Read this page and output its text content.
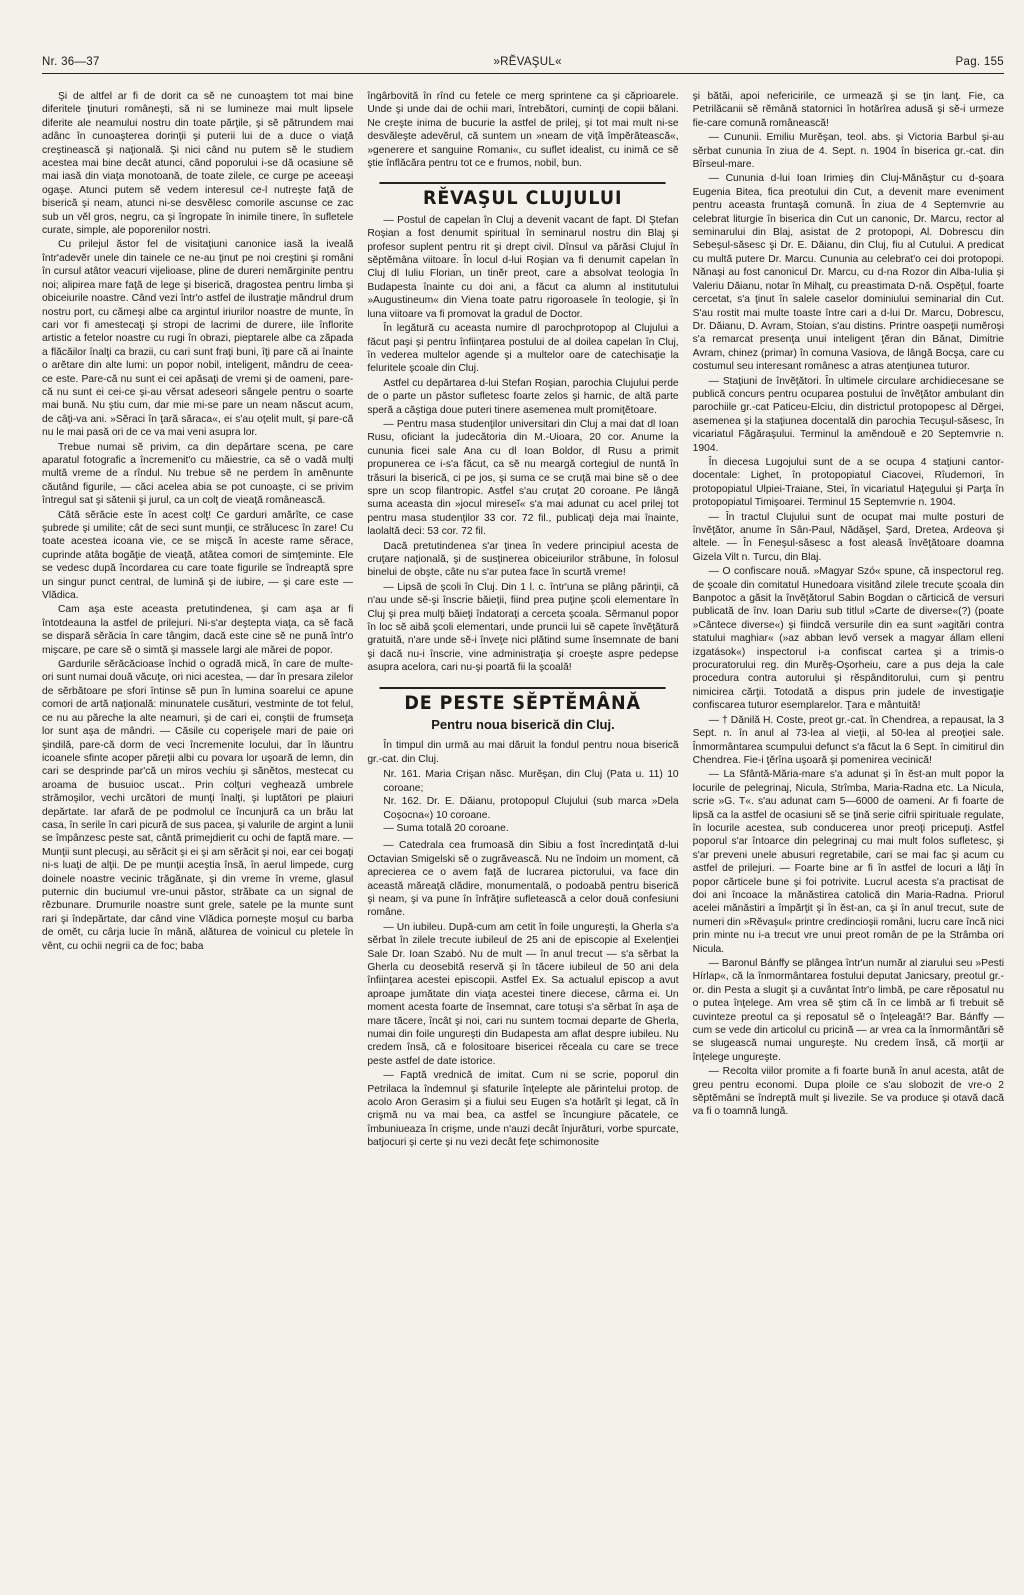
Nr. 36—37	»RĔVAŞUL«	Pag. 155

Şi de altfel ar fi de dorit ca sĕ ne cunoaştem tot mai bine diferitele ţinuturi româneşti, să ni se lumineze mai mult lipsele diferite ale neamului nostru din toate părţile, şi sĕ pătrundem mai adânc în cunoaşterea dorinţii şi puterii lui de a duce o viaţă creştinească şi naţională. Şi nici când nu putem sĕ le studiem acestea mai bine decât atunci, când poporului i-se dă ocasiune sĕ mai iasă din viaţa monotoană, de toate zilele, ce curge pe aceeaşi ogaşe. Atunci putem sĕ vedem interesul ce-l nutreşte faţă de biserică şi neam, atunci ni-se desvĕlesc comorile ascunse ce zac sub un vĕl gros, negru, ca şi îngropate în inimile tinere, în sufletele curate, simple, ale poporenilor nostri.

Cu prilejul ăstor fel de visitaţiuni canonice iasă la iveală într'adevĕr unele din tainele ce ne-au ţinut pe noi creştini şi români în cursul atâtor veacuri vijelioase, pline de dureri nemărginite pentru noi; alipirea mare faţă de lege şi biserică, dragostea pentru limba şi obiceiurile noastre. Când vezi într'o astfel de ilustraţie mândrul drum nostru port, cu cămeşi albe ca argintul iriurilor noastre de munte, în cari vor fi amestecaţi şi stropi de lacrimi de durere, iile înflorite artistic a fetelor noastre cu rugi în obrazi, pieptarele albe ca zăpada a flăcăilor înalţi ca brazii, cu cari sunt fraţi buni, îţi pare că ai înainte o arĕtare din alte lumi: un popor nobil, inteligent, mândru de ceea-ce este. Pare-că nu sunt ei cei apăsaţi de vremi şi de oameni, pare-că nu sunt ei cei-ce şi-au vĕrsat adeseori sângele pentru o soarte mai bună. Nu ştiu cum, dar mie mi-se pare un neam născut acum, de câţi-va ani. »Sĕraci în ţară săraca«, ei s'au oţelit mult, şi pare-că nu le mai pasă ori de ce va mai veni asupra lor.

Trebue numai sĕ privim, ca din depărtare scena, pe care aparatul fotografic a încremenit'o cu măiestrie, ca sĕ o vadă mulţi multă vreme de a rîndul. Nu trebue sĕ ne perdem în amĕnunte căutând figurile, — căci acelea abia se pot cunoaşte, ci se privim întregul sat şi sătenii şi jurul, ca un colţ de vieaţă românească.

Câtă sĕrăcie este în acest colţ! Ce garduri amărîte, ce case şubrede şi umilite; cât de seci sunt munţii, ce strălucesc în zare! Cu toate acestea icoana vie, ce se mişcă în aceste rame sĕrace, cuprinde atâta bogăţie de vieaţă, atâtea comori de simţeminte. Ele se vedesc după încordarea cu care toate figurile se îndreaptă spre un singur punct central, de lumină şi de iubire, — şi care este — Vlădica.

Cam aşa este aceasta pretutindenea, şi cam aşa ar fi întotdeauna la astfel de prilejuri. Ni-s'ar deştepta viaţa, ca sĕ facă se dispară sĕrăcia în care tângim, dacă este cine sĕ ne pună într'o mişcare, pe care sĕ o simtă şi massele largi ale mărei de popor.

Gardurile sĕrăcăcioase închid o ogradă mică, în care de multe-ori sunt numai două văcuţe, ori nici acestea, — dar în presara zilelor de sĕrbătoare pe sfori întinse sĕ pun în lumina soarelui ce apune comori de artă naţională: minunatele cusături, vestminte de tot felul, ce nu au păreche la alte neamuri, şi de cari ei, conştii de frumseţa lor sunt aşa de mândri. — Căsile cu coperişele mari de paie ori şindilă, pare-că dorm de veci încremenite locului, dar în lăuntru icoanele sfinte acoper păreţii albi cu povara lor uşoară de lemn, din cari se desprinde par'că un miros vechiu şi sănĕtos, mestecat cu aroama de busuioc uscat.. Prin colţuri veghează umbrele strămoşilor, vechi urcători de munţi înalţi, şi luptători pe plaiuri depărtate. Iar afară de pe podmolul ce încunjură ca un brău lat casa, în serile în cari picură de sus pacea, şi valurile de argint a lunii se împânzesc peste sat, cântă primejdierit cu ochi de faptă mare. — Munţii sunt plecuşi, au sĕrăcit şi ei şi am sĕrăcit şi noi, ear cei bogaţi ni-s luaţi de alţii. De pe munţii aceştia însă, în aerul limpede, curg doinele noastre vecinic trăgănate, şi din vreme în vreme, glasul puternic din buciumul vre-unui păstor, străbate ca un signal de rĕzbunare. Drumurile noastre sunt grele, satele pe la munte sunt rari şi îndepărtate, dar când vine Vlădica pornește moşul cu barba de omĕt, cu cârja lucie în mână, alăturea de voinicul cu pletele în vênt, cu ochii negrii ca de foc; baba

îngârbovită în rînd cu fetele ce merg sprintene ca şi căprioarele. Unde şi unde dai de ochii mari, întrebători, cuminţi de copii bălani. Ne creşte inima de bucurie la astfel de prilej, şi tot mai mult ni-se desvăleşte adevĕrul, că suntem un »neam de viţă împĕrătească«, »generere et sanguine Romani«, cu suflet idealist, cu inimă ce sĕ ştie înflăcăra pentru tot ce e frumos, nobil, bun.

RĔVAŞUL CLUJULUI

— Postul de capelan în Cluj a devenit vacant de fapt. Dl Ştefan Roşian a fost denumit spiritual în seminarul nostru din Blaj şi profesor suplent pentru rit şi drept civil. Dînsul va părăsi Clujul în sĕptĕmâna viitoare. În locul d-lui Roşian va fi denumit capelan în Cluj dl Iuliu Florian, un tinĕr preot, care a absolvat teologia în Budapesta înainte cu doi ani, a făcut ca alumn al institutului »Augustineum« din Viena toate patru rigoroasele în teologie, şi în luna viitoare va fi promovat la gradul de Doctor.

În legătură cu aceasta numire dl parochprotopop al Clujului a făcut paşi şi pentru înfiinţarea postului de al doilea capelan în Cluj, în vederea multelor agende şi a multelor oare de catechisaţie la feluritele şcoale din Cluj.

Astfel cu depărtarea d-lui Stefan Roşian, parochia Clujului perde de o parte un păstor sufletesc foarte zelos şi harnic, de altă parte speră a căştiga doue puteri tinere asemenea mult promiţĕtoare.

— Pentru masa studenţilor universitari din Cluj a mai dat dl Ioan Rusu, oficiant la judecătoria din M.-Uioara, 20 cor. Anume la cununia ficei sale Ana cu dl Ioan Boldor, dl Rusu a primit propunerea ce i-s'a făcut, ca sĕ nu meargă cortegiul de nuntă în trăsuri la biserică, ci pe jos, şi suma ce se cruţă mai bine sĕ o dee spre un scop filantropic. Astfel s'au cruţat 20 coroane. Pe lângă suma aceasta din »jocul mireseĭ« s'a mai adunat cu acel prilej tot pentru masa studenţilor 33 cor. 72 fil., publicaţi deja mai înainte, laolaltă deci: 53 cor. 72 fil.

Dacă pretutindenea s'ar ţinea în vedere principiul acesta de cruţare naţională, şi de susţinerea obiceiurilor străbune, în folosul binelui de obşte, câte nu s'ar putea face în scurtă vreme!

— Lipsă de şcoli în Cluj. Din 1 l. c. într'una se plâng părinţii, că n'au unde sĕ-şi înscrie băieţii, fiind prea puţine şcoli elementare în Cluj şi prea mulţi băieţi îndatoraţi a cerceta şcoala. Sĕrmanul popor în loc sĕ aibă şcoli elementari, unde pruncii lui sĕ capete învĕţătură gratuită, n'are unde sĕ-i înveţe nici plătind sume însemnate de bani şi dacă nu-i înscrie, vine administraţia şi croeşte aspre pedepse asupra acelora, cari nu-şi poartă fii la şcoală!

DE PESTE SĔPTĔMÂNĂ
Pentru noua biserică din Cluj.

În timpul din urmă au mai dăruit la fondul pentru noua biserică gr.-cat. din Cluj.

Nr. 161. Maria Crişan născ. Murĕşan, din Cluj (Pata u. 11) 10 coroane;
Nr. 162. Dr. E. Dăianu, protopopul Clujului (sub marca »Dela Coşocna«) 10 coroane.
— Suma totală 20 coroane.

— Catedrala cea frumoasă din Sibiu a fost încredinţată d-lui Octavian Smigelski sĕ o zugrăvească. Nu ne îndoim un moment, că aprecierea ce o avem faţă de lucrarea pictorului, va face din această măreaţă clădire, monumentală, o podoabă pentru biserică şi neam, şi va pune în înfrăţire sufletească a celor două confesiuni române.

— Un iubileu. După-cum am cetit în foile ungureşti, la Gherla s'a sĕrbat în zilele trecute iubileul de 25 ani de episcopie al Exelenţiei Sale Dr. Ioan Szabó. Nu de mult — în anul trecut — s'a sĕrbat la Gherla cu deosebită reservă şi în tăcere iubileul de 50 ani dela înfiinţarea acestei episcopii. Astfel Ex. Sa actualul episcop a avut aproape jumătate din viaţa acestei tinere diecese, cârma ei. Un moment acesta foarte de însemnat, care totuşi s'a sĕrbat în aşa de mare tăcere, încât şi noi, cari nu suntem tocmai departe de Gherla, numai din foile ungureşti din Budapesta am aflat despre iubileu. Nu credem însă, că e folositoare bisericei rĕceala cu care se trece peste astfel de date istorice.

— Faptă vrednică de imitat. Cum ni se scrie, poporul din Petrilaca la îndemnul şi sfaturile înţelepte ale părintelui protop. de acolo Aron Gerasim şi a fiului seu Eugen s'a hotărît şi legat, că în crişmă nu va mai bea, ca astfel se încungiure păcatele, ce îmbuniueaza în crişme, unde n'auzi decât înjurături, vorbe spurcate, batjocuri şi certe şi nu vezi decât feţe schimonosite

şi bătăi, apoi nefericirile, ce urmează şi se ţin lanţ. Fie, ca Petrilăcanii sĕ rĕmână statornici în hotărîrea adusă şi sĕ-i urmeze fie-care comună românească!

— Cununii. Emiliu Murĕşan, teol. abs. şi Victoria Barbul şi-au sĕrbat cununia în ziua de 4. Sept. n. 1904 în biserica gr.-cat. din Bîrseul-mare.

— Cununia d-lui Ioan Irimieş din Cluj-Mănăştur cu d-şoara Eugenia Bitea, fica preotului din Cut, a devenit mare eveniment pentru aceasta fruntaşă comună. În ziua de 4 Septemvrie au celebrat liturgie în biserica din Cut un canonic, Dr. Marcu, rector al seminarului din Blaj, asistat de 2 protopopi, Al. Dobrescu din Sebeşul-săsesc şi Dr. E. Dăianu, din Cluj, fiu al Cutului. A predicat cu multă putere Dr. Marcu. Cununia au celebrat'o cei doi protopopi. Nănaşi au fost canonicul Dr. Marcu, cu d-na Rozor din Alba-Iulia şi Valeriu Dăianu, notar în Mihalţ, cu preastimata D-nă. Ospĕţul, foarte cercetat, s'a ţinut în salele caselor dominiului seminarial din Cut. S'au rostit mai multe toaste între cari a d-lui Dr. Marcu, Dobrescu, Dr. Dăianu, D. Avram, Stoian, s'au distins. Printre oaspeţii numĕroşi s'a remarcat presenţa unui inteligent ţĕran din Bănat, Dimitrie Avram, chinez (primar) în comuna Vasiova, de lângă Bocşa, care cu costumul seu interesant românesc a atras atenţiunea tuturor.

— Staţiuni de învĕţători. În ultimele circulare archidiecesane se publică concurs pentru ocuparea postului de învĕţător ambulant din parochiile gr.-cat Paticeu-Elciu, din districtul protopopesc al Dĕrgei, asemenea şi la staţiunea docentală din parochia Tecuşul-săsesc, în vicariatul Făgăraşului. Terminul la amĕndouĕ e 20 Septemvrie n. 1904.

În diecesa Lugojului sunt de a se ocupa 4 staţiuni cantor-docentale: Lighet, în protopopiatul Ciacovei, Rîudemori, în protopopiatul Ulpiei-Traiane, Stei, în vicariatul Haţegului şi Parţa în protopopiatul Timişoarei. Terminul 15 Septemvrie n. 1904.

— În tractul Clujului sunt de ocupat mai multe posturi de învĕţător, anume în Sân-Paul, Nădăşel, Şard, Dretea, Ardeova şi altele. — În Feneşul-săsesc a fost aleasă învĕţătoare doamna Gizela Vilt n. Turcu, din Blaj.

— O confiscare nouă. »Magyar Szó« spune, că inspectorul reg. de şcoale din comitatul Hunedoara visitând zilele trecute şcoala din Banpotoc a găsit la învĕţătorul Sabin Bogdan o cărticică de versuri publicată de înv. Ioan Dariu sub titlul »Carte de diverse«(?) (poate »Cântece diverse«) şi fiindcă versurile din ea sunt »agitări contra statului maghiar« (»az abban levő versek a magyar állam elleni izgatások«) inspectorul i-a confiscat cartea şi a trimis-o procuratorului reg. din Murĕş-Oşorheiu, care a pus deja la cale procedura contra autorului şi rĕspânditorului, cum şi pentru nimicirea cărţii. Totodată a dispus prin judele de investigaţie confiscarea tuturor esemplarelor. Ţara e mântuită!

— † Dănilă H. Coste, preot gr.-cat. în Chendrea, a repausat, la 3 Sept. n. în anul al 73-lea al vieţii, al 50-lea al preoţiei sale. Înmormântarea scumpului defunct s'a făcut la 6 Sept. în cimitirul din Chendrea. Fie-i ţĕrîna uşoară şi pomenirea vecinică!

— La Sfântă-Măria-mare s'a adunat şi în ĕst-an mult popor la locurile de pelegrinaj, Nicula, Strîmba, Maria-Radna etc. La Nicula, scrie »G. T«. s'au adunat cam 5—6000 de oameni. Ar fi foarte de lipsă ca la astfel de ocasiuni sĕ se ţină serie cifrii spirituale regulate, în locurile acestea, sub conducerea unor preoţi pricepuţi. Astfel poporul s'ar întoarce din pelegrinaj cu mai mult folos sufletesc, şi s'ar preveni unele abusuri regretabile, cari se mai fac şi acum cu astfel de prilejuri. — Foarte bine ar fi în astfel de locuri a lăţi în popor cărticele bune şi foi potrivite. Lucrul acesta s'a practisat de doi ani încoace la mănăstirea catolică din Maria-Radna. Priorul acelei mănăstiri a împărţit şi în ĕst-an, ca şi în anul trecut, sute de numeri din »Rĕvaşul« printre credincioşii români, lucru care încă nici prin minte nu i-a trecut vre unui preot român de pe la Strâmba ori Nicula.

— Baronul Bánffy se plângea într'un număr al ziarului seu »Pesti Hírlap«, că la înmormântarea fostului deputat Janicsary, preotul gr.-or. din Pesta a slugit şi a cuvântat într'o limbă, pe care rĕposatul nu o putea înţelege. Am vrea sĕ ştim că în ce limbă ar fi trebuit sĕ cuvinteze preotul ca şi reposatul sĕ o înţeleagă!? Bar. Bánffy — cum se vede din articolul cu pricină — ar vrea ca la înmormântări sĕ se slugească numai ungureşte. Nu credem însă, că morţii ar înţelege ungureşte.

— Recolta viilor promite a fi foarte bună în anul acesta, atât de greu pentru economi. Dupa ploile ce s'au slobozit de vre-o 2 sĕptĕmâni se îndreptă mult şi livezile. Se va produce şi otavă dacă va fi o toamnă lungă.
